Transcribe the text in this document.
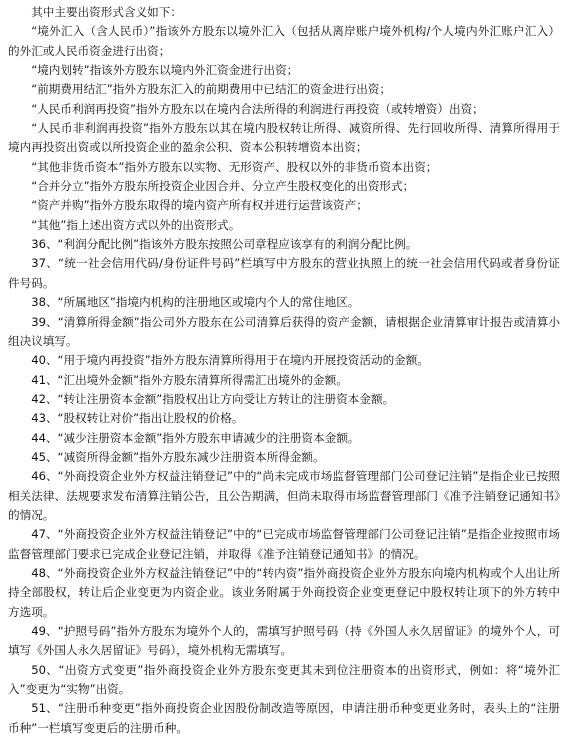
其中主要出资形式含义如下：

“境外汇入（含人民币）”指该外方股东以境外汇入（包括从离岸账户境外机构/个人境内外汇账户汇入）的外汇或人民币资金进行出资；

“境内划转”指该外方股东以境内外汇资金进行出资；

“前期费用结汇”指外方股东汇入的前期费用中已结汇的资金进行出资；

“人民币利润再投资”指外方股东以在境内合法所得的利润进行再投资（或转增资）出资；

“人民币非利润再投资”指外方股东以其在境内股权转让所得、减资所得、先行回收所得、清算所得用于境内再投资出资或以所投资企业的盈余公积、资本公积转增资本出资；

“其他非货币资本”指外方股东以实物、无形资产、股权以外的非货币资本出资；

“合并分立”指外方股东所投资企业因合并、分立产生股权变化的出资形式；

“资产并购”指外方股东取得的境内资产所有权并进行运营该资产；

“其他”指上述出资方式以外的出资形式。

36、“利润分配比例”指该外方股东按照公司章程应该享有的利润分配比例。

37、“统一社会信用代码/身份证件号码”栏填写中方股东的营业执照上的统一社会信用代码或者身份证件号码。

38、“所属地区”指境内机构的注册地区或境内个人的常住地区。

39、“清算所得金额”指公司外方股东在公司清算后获得的资产金额，请根据企业清算审计报告或清算小组决议填写。

40、“用于境内再投资”指外方股东清算所得用于在境内开展投资活动的金额。

41、“汇出境外金额”指外方股东清算所得需汇出境外的金额。

42、“转让注册资本金额”指股权出让方向受让方转让的注册资本金额。

43、“股权转让对价”指出让股权的价格。

44、“减少注册资本金额”指外方股东申请减少的注册资本金额。

45、“减资所得金额”指外方股东减少注册资本所得金额。

46、“外商投资企业外方权益注销登记”中的“尚未完成市场监督管理部门公司登记注销”是指企业已按照相关法律、法规要求发布清算注销公告，且公告期满，但尚未取得市场监督管理部门《准予注销登记通知书》的情况。

47、“外商投资企业外方权益注销登记”中的“已完成市场监督管理部门公司登记注销”是指企业按照市场监督管理部门要求已完成企业登记注销，并取得《准予注销登记通知书》的情况。

48、“外商投资企业外方权益注销登记”中的“转内资”指外商投资企业外方股东向境内机构或个人出让所持全部股权，转让后企业变更为内资企业。该业务附属于外商投资企业变更登记中股权转让项下的外方转中方选项。

49、“护照号码”指外方股东为境外个人的，需填写护照号码（持《外国人永久居留证》的境外个人，可填写《外国人永久居留证》号码），境外机构无需填写。

50、“出资方式变更”指外商投资企业外方股东变更其未到位注册资本的出资形式，例如：将“境外汇入”变更为“实物”出资。

51、“注册币种变更”指外商投资企业因股份制改造等原因，申请注册币种变更业务时，表头上的“注册币种”一栏填写变更后的注册币种。
